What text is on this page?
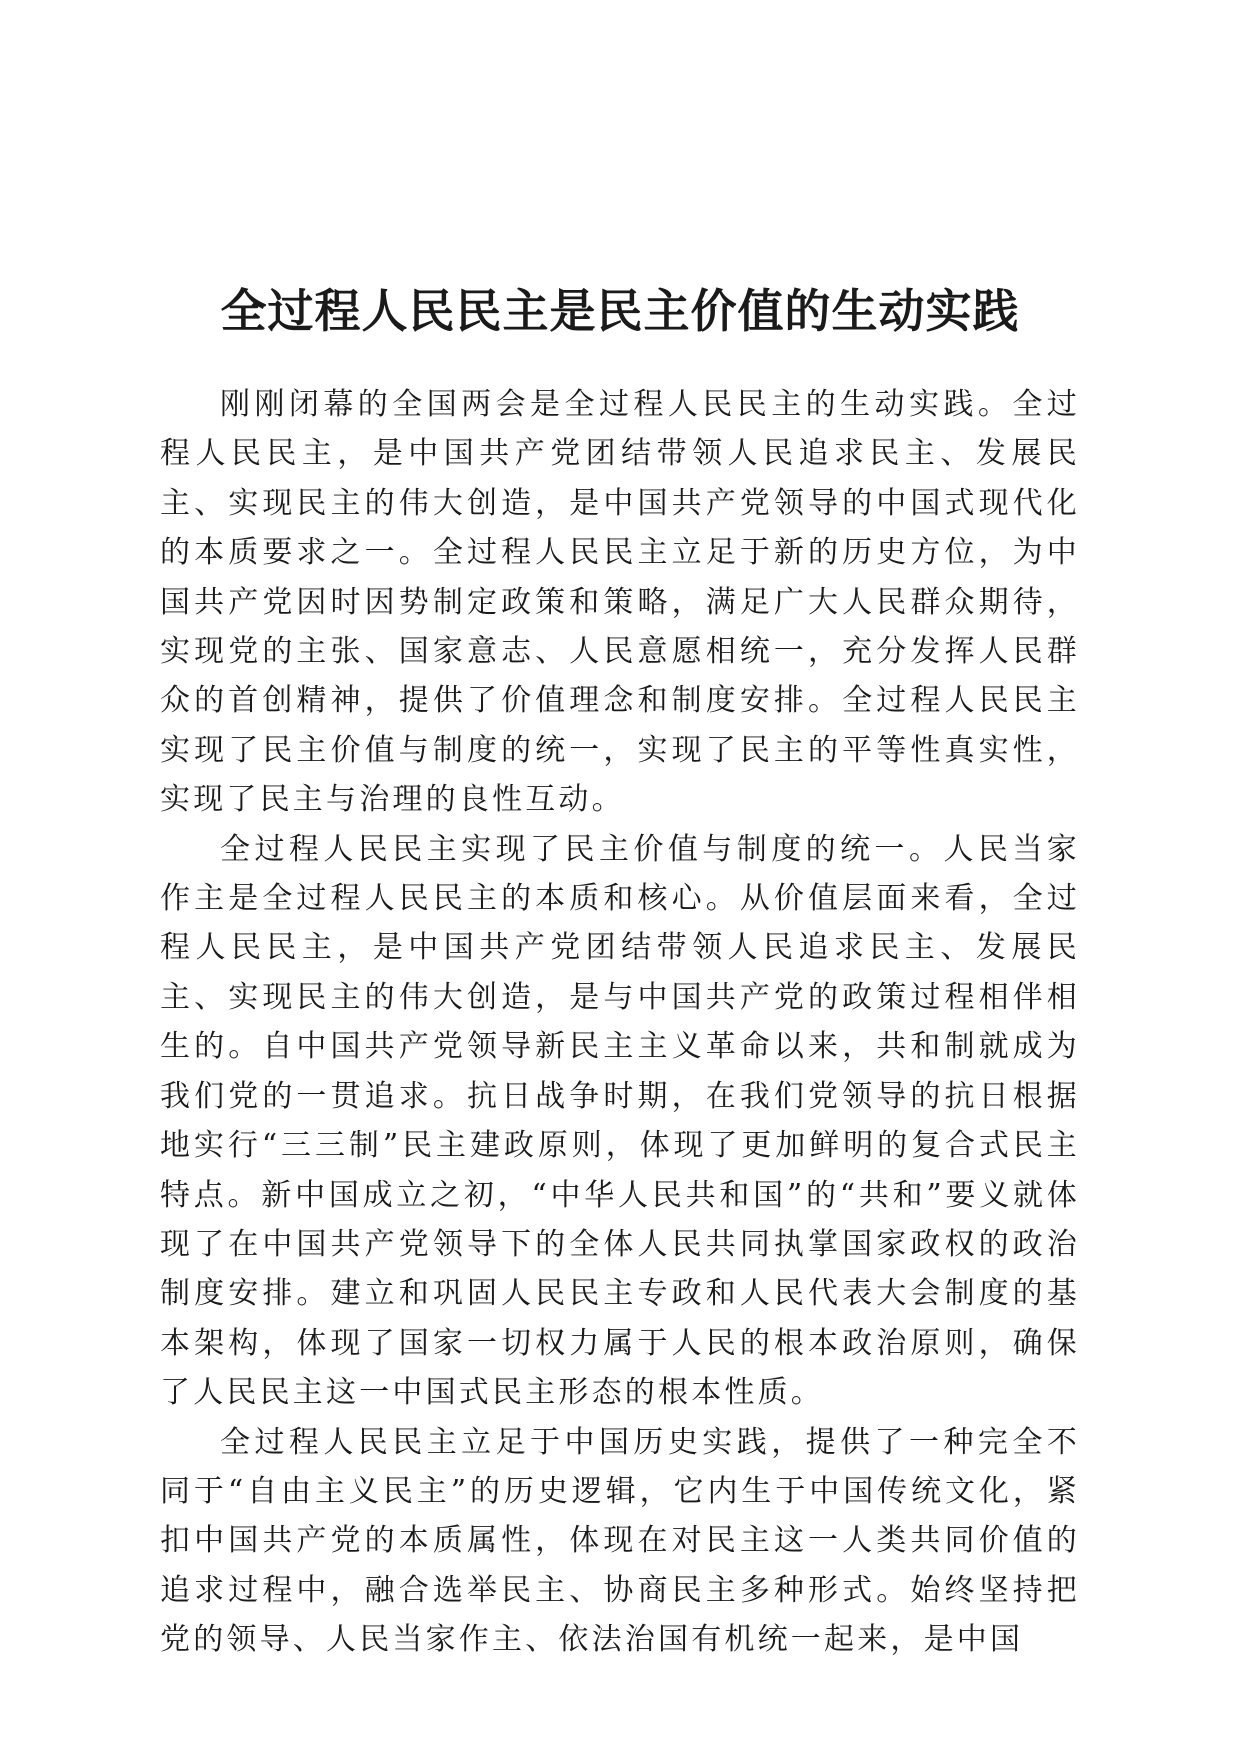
全过程人民民主是民主价值的生动实践

刚刚闭幕的全国两会是全过程人民民主的生动实践。全过程人民民主，是中国共产党团结带领人民追求民主、发展民主、实现民主的伟大创造，是中国共产党领导的中国式现代化的本质要求之一。全过程人民民主立足于新的历史方位，为中国共产党因时因势制定政策和策略，满足广大人民群众期待，实现党的主张、国家意志、人民意愿相统一，充分发挥人民群众的首创精神，提供了价值理念和制度安排。全过程人民民主实现了民主价值与制度的统一，实现了民主的平等性真实性，实现了民主与治理的良性互动。

全过程人民民主实现了民主价值与制度的统一。人民当家作主是全过程人民民主的本质和核心。从价值层面来看，全过程人民民主，是中国共产党团结带领人民追求民主、发展民主、实现民主的伟大创造，是与中国共产党的政策过程相伴相生的。自中国共产党领导新民主主义革命以来，共和制就成为我们党的一贯追求。抗日战争时期，在我们党领导的抗日根据地实行“三三制”民主建政原则，体现了更加鲜明的复合式民主特点。新中国成立之初，“中华人民共和国”的“共和”要义就体现了在中国共产党领导下的全体人民共同执掌国家政权的政治制度安排。建立和巩固人民民主专政和人民代表大会制度的基本架构，体现了国家一切权力属于人民的根本政治原则，确保了人民民主这一中国式民主形态的根本性质。

全过程人民民主立足于中国历史实践，提供了一种完全不同于“自由主义民主”的历史逻辑，它内生于中国传统文化，紧扣中国共产党的本质属性，体现在对民主这一人类共同价值的追求过程中，融合选举民主、协商民主多种形式。始终坚持把党的领导、人民当家作主、依法治国有机统一起来，是中国
